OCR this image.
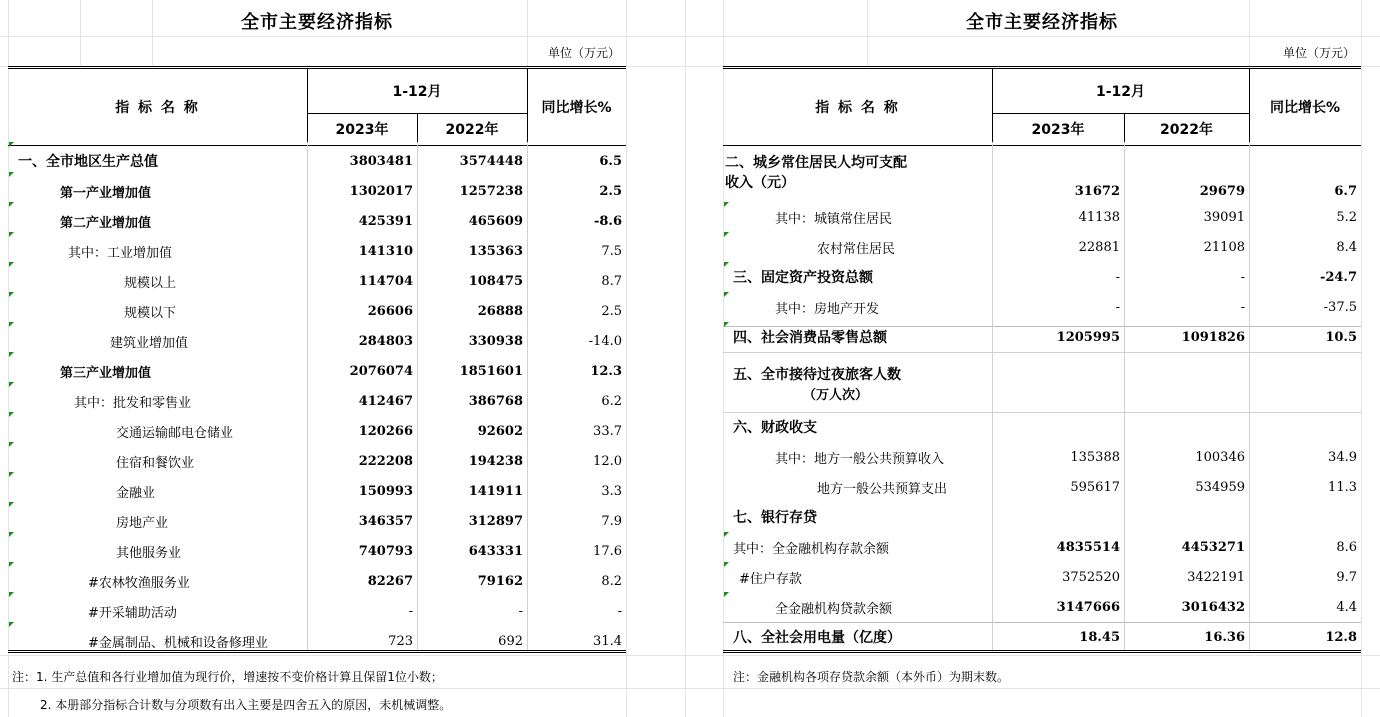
全市主要经济指标
单位（万元）
指 标 名 称
1-12月
2023年	2022年
同比增长%
一、全市地区生产总值	3803481	3574448	6.5
第一产业增加值	1302017	1257238	2.5
第二产业增加值	425391	465609	-8.6
其中：工业增加值	141310	135363	7.5
规模以上	114704	108475	8.7
规模以下	26606	26888	2.5
建筑业增加值	284803	330938	-14.0
第三产业增加值	2076074	1851601	12.3
其中：批发和零售业	412467	386768	6.2
交通运输邮电仓储业	120266	92602	33.7
住宿和餐饮业	222208	194238	12.0
金融业	150993	141911	3.3
房地产业	346357	312897	7.9
其他服务业	740793	643331	17.6
#农林牧渔服务业	82267	79162	8.2
#开采辅助活动	-	-	-
#金属制品、机械和设备修理业	723	692	31.4
注：1. 生产总值和各行业增加值为现行价，增速按不变价格计算且保留1位小数；
2. 本册部分指标合计数与分项数有出入主要是四舍五入的原因，未机械调整。
全市主要经济指标
单位（万元）
指 标 名 称
1-12月
2023年	2022年
同比增长%
二、城乡常住居民人均可支配
收入（元）
31672	29679	6.7
其中：城镇常住居民	41138	39091	5.2
农村常住居民	22881	21108	8.4
三、固定资产投资总额	-	-	-24.7
其中：房地产开发	-	-	-37.5
四、社会消费品零售总额	1205995	1091826	10.5
五、全市接待过夜旅客人数
（万人次）
六、财政收支
其中：地方一般公共预算收入	135388	100346	34.9
地方一般公共预算支出	595617	534959	11.3
七、银行存贷
其中：全金融机构存款余额	4835514	4453271	8.6
#住户存款	3752520	3422191	9.7
全金融机构贷款余额	3147666	3016432	4.4
八、全社会用电量（亿度）	18.45	16.36	12.8
注：金融机构各项存贷款余额（本外币）为期末数。
